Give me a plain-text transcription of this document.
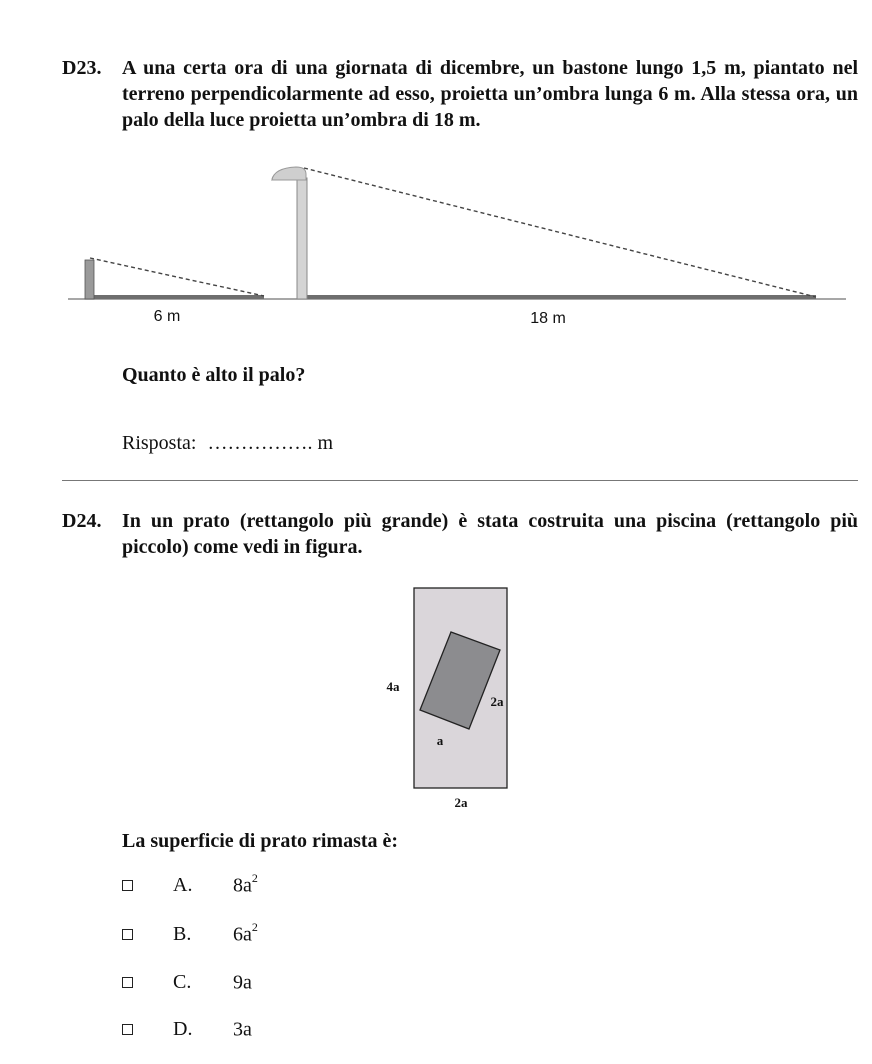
D23.	A una certa ora di una giornata di dicembre, un bastone lungo 1,5 m, piantato nel terreno perpendicolarmente ad esso, proietta un’ombra lunga 6 m. Alla stessa ora, un palo della luce proietta un’ombra di 18 m.
6 m	18 m
Quanto è alto il palo?
Risposta: ……………. m
D24.	In un prato (rettangolo più grande) è stata costruita una piscina (rettangolo più piccolo) come vedi in figura.
4a
2a
a
2a
La superficie di prato rimasta è:
A.	$8a^2$
B.	$6a^2$
C.	9a
D.	3a
